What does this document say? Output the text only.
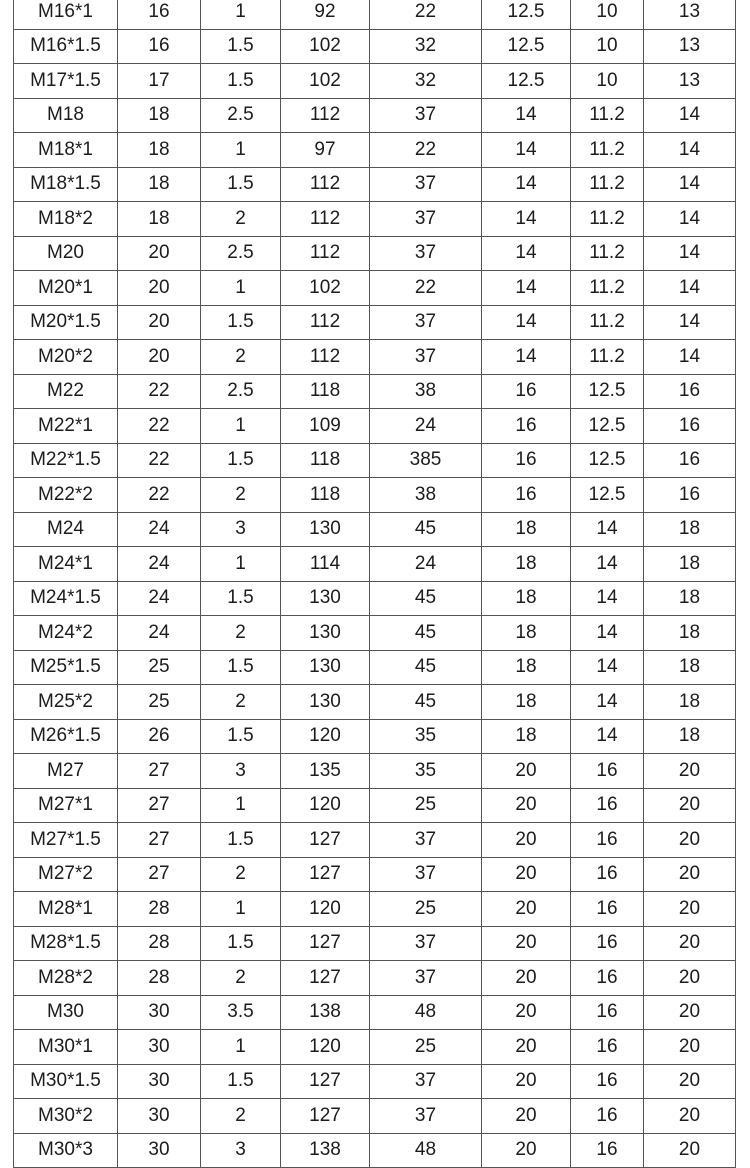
M16*1	16	1	92	22	12.5	10	13
M16*1.5	16	1.5	102	32	12.5	10	13
M17*1.5	17	1.5	102	32	12.5	10	13
M18	18	2.5	112	37	14	11.2	14
M18*1	18	1	97	22	14	11.2	14
M18*1.5	18	1.5	112	37	14	11.2	14
M18*2	18	2	112	37	14	11.2	14
M20	20	2.5	112	37	14	11.2	14
M20*1	20	1	102	22	14	11.2	14
M20*1.5	20	1.5	112	37	14	11.2	14
M20*2	20	2	112	37	14	11.2	14
M22	22	2.5	118	38	16	12.5	16
M22*1	22	1	109	24	16	12.5	16
M22*1.5	22	1.5	118	385	16	12.5	16
M22*2	22	2	118	38	16	12.5	16
M24	24	3	130	45	18	14	18
M24*1	24	1	114	24	18	14	18
M24*1.5	24	1.5	130	45	18	14	18
M24*2	24	2	130	45	18	14	18
M25*1.5	25	1.5	130	45	18	14	18
M25*2	25	2	130	45	18	14	18
M26*1.5	26	1.5	120	35	18	14	18
M27	27	3	135	35	20	16	20
M27*1	27	1	120	25	20	16	20
M27*1.5	27	1.5	127	37	20	16	20
M27*2	27	2	127	37	20	16	20
M28*1	28	1	120	25	20	16	20
M28*1.5	28	1.5	127	37	20	16	20
M28*2	28	2	127	37	20	16	20
M30	30	3.5	138	48	20	16	20
M30*1	30	1	120	25	20	16	20
M30*1.5	30	1.5	127	37	20	16	20
M30*2	30	2	127	37	20	16	20
M30*3	30	3	138	48	20	16	20
